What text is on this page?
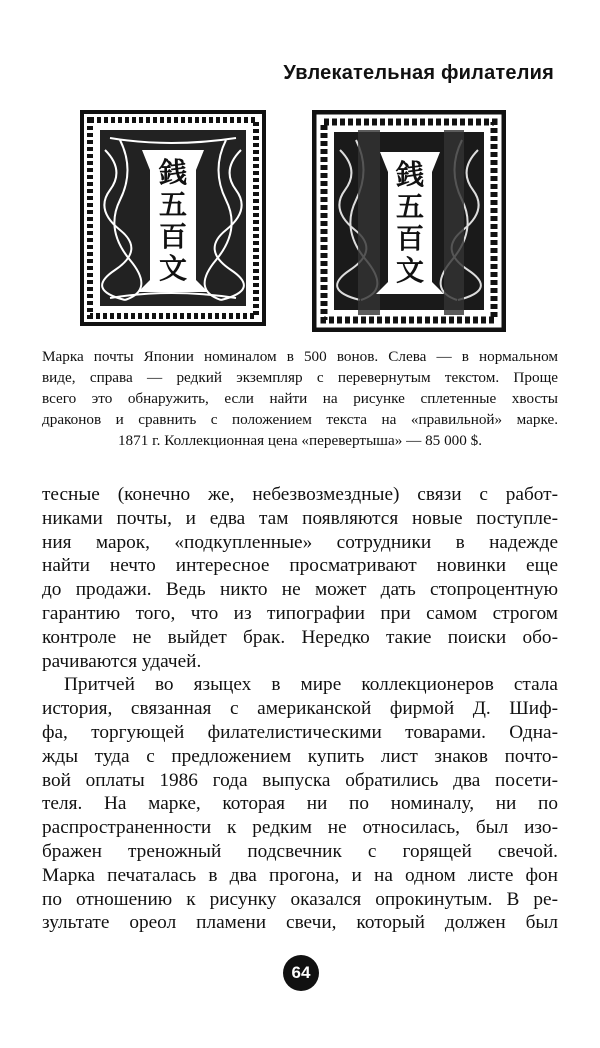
Увлекательная филателия
銭
五
百
文
銭
五
百
文
Марка почты Японии номиналом в 500 вонов. Слева — в нормальном
виде, справа — редкий экземпляр с перевернутым текстом. Проще
всего это обнаружить, если найти на рисунке сплетенные хвосты
драконов и сравнить с положением текста на «правильной» марке.
1871 г. Коллекционная цена «перевертыша» — 85 000 $.
тесные (конечно же, небезвозмездные) связи с работ-
никами почты, и едва там появляются новые поступле-
ния марок, «подкупленные» сотрудники в надежде
найти нечто интересное просматривают новинки еще
до продажи. Ведь никто не может дать стопроцентную
гарантию того, что из типографии при самом строгом
контроле не выйдет брак. Нередко такие поиски обо-
рачиваются удачей.
Притчей во языцех в мире коллекционеров стала
история, связанная с американской фирмой Д. Шиф-
фа, торгующей филателистическими товарами. Одна-
жды туда с предложением купить лист знаков почто-
вой оплаты 1986 года выпуска обратились два посети-
теля. На марке, которая ни по номиналу, ни по
распространенности к редким не относилась, был изо-
бражен треножный подсвечник с горящей свечой.
Марка печаталась в два прогона, и на одном листе фон
по отношению к рисунку оказался опрокинутым. В ре-
зультате ореол пламени свечи, который должен был
64
